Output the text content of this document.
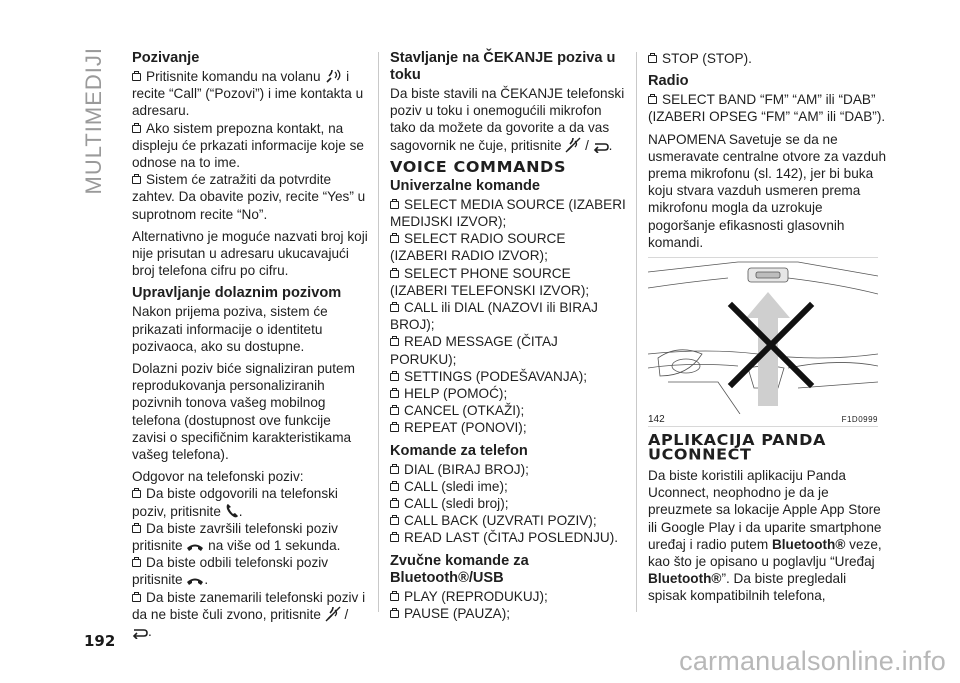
MULTIMEDIJI Pozivanje

Pritisnite komandu na volanu  i
recite “Call” (“Pozovi”) i ime kontakta u adresaru.

Ako sistem prepozna kontakt, na displeju će prkazati informacije koje se odnose na to ime.

Sistem će zatražiti da potvrdite zahtev. Da obavite poziv, recite “Yes” u suprotnom recite “No”.

Alternativno je moguće nazvati broj koji nije prisutan u adresaru ukucavajući broj telefona cifru po cifru.

Upravljanje dolaznim pozivom

Nakon prijema poziva, sistem će prikazati informacije o identitetu pozivaoca, ako su dostupne.

Dolazni poziv biće signaliziran putem reprodukovanja personaliziranih pozivnih tonova vašeg mobilnog telefona (dostupnost ove funkcije zavisi o specifičnim karakteristikama vašeg telefona).

Odgovor na telefonski poziv:

Da biste odgovorili na telefonski poziv, pritisnite .

Da biste završili telefonski poziv pritisnite  na više od 1 sekunda.

Da biste odbili telefonski poziv pritisnite .

Da biste zanemarili telefonski poziv i da ne biste čuli zvono, pritisnite  /
.

Stavljanje na ČEKANJE poziva u toku

Da biste stavili na ČEKANJE telefonski poziv u toku i onemogućili mikrofon tako da možete da govorite a da vas sagovornik ne čuje, pritisnite  / .

VOICE COMMANDS
Univerzalne komande
SELECT MEDIA SOURCE (IZABERI MEDIJSKI IZVOR);
SELECT RADIO SOURCE (IZABERI RADIO IZVOR);
SELECT PHONE SOURCE (IZABERI TELEFONSKI IZVOR);
CALL ili DIAL (NAZOVI ili BIRAJ BROJ);
READ MESSAGE (ČITAJ PORUKU);
SETTINGS (PODEŠAVANJA);
HELP (POMOĆ);
CANCEL (OTKAŽI);
REPEAT (PONOVI);
Komande za telefon
DIAL (BIRAJ BROJ);
CALL (sledi ime);
CALL (sledi broj);
CALL BACK (UZVRATI POZIV);
READ LAST (ČITAJ POSLEDNJU).
Zvučne komande za Bluetooth®/USB
PLAY (REPRODUKUJ);
PAUSE (PAUZA);

STOP (STOP).

Radio

SELECT BAND “FM” “AM” ili “DAB” (IZABERI OPSEG “FM” “AM” ili “DAB”).

NAPOMENA Savetuje se da ne usmeravate centralne otvore za vazduh prema mikrofonu (sl. 142), jer bi buka koju stvara vazduh usmeren prema mikrofonu mogla da uzrokuje pogoršanje efikasnosti glasovnih komandi.

142	F1D0999
APLIKACIJA PANDA UCONNECT

Da biste koristili aplikaciju Panda Uconnect, neophodno je da je preuzmete sa lokacije Apple App Store ili Google Play i da uparite smartphone uređaj i radio putem Bluetooth® veze, kao što je opisano u poglavlju “Uređaj Bluetooth®”. Da biste pregledali spisak kompatibilnih telefona,

192
carmanualsonline.info
